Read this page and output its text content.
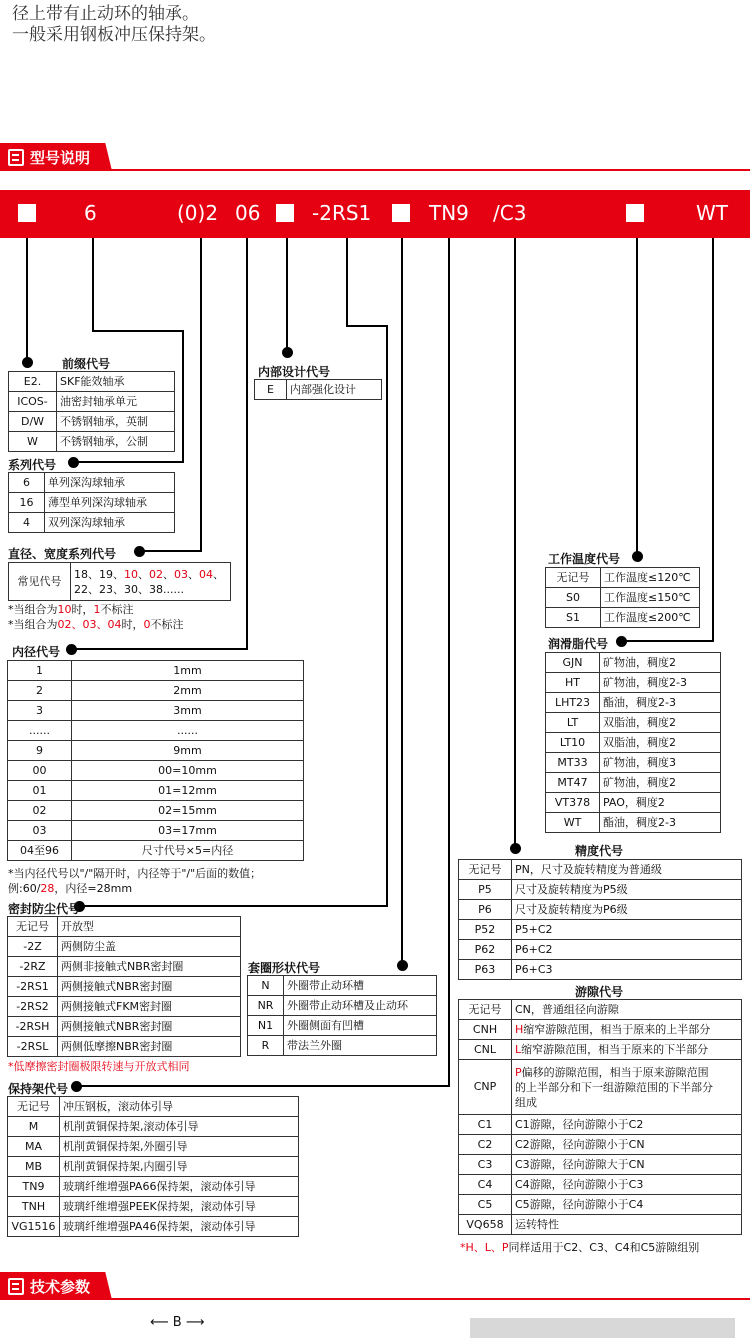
径上带有止动环的轴承。
一般采用钢板冲压保持架。
型号说明
6	(0)2 06	-2RS1	TN9 /C3	WT
前缀代号
E2.	SKF能效轴承
ICOS-	油密封轴承单元
D/W	不锈钢轴承，英制
W	不锈钢轴承，公制
系列代号
6	单列深沟球轴承
16	薄型单列深沟球轴承
4	双列深沟球轴承
直径、宽度系列代号
常见代号	18、19、10、02、03、04、
22、23、30、38......
*当组合为10时，1不标注
*当组合为02、03、04时，0不标注
内径代号
1	1mm
2	2mm
3	3mm
......	......
9	9mm
00	00=10mm
01	01=12mm
02	02=15mm
03	03=17mm
04至96	尺寸代号×5=内径
*当内径代号以"/"隔开时，内径等于"/"后面的数值；
例:60/28，内径=28mm
内部设计代号
E	内部强化设计
密封防尘代号
无记号	开放型
-2Z	两侧防尘盖
-2RZ	两侧非接触式NBR密封圈
-2RS1	两侧接触式NBR密封圈
-2RS2	两侧接触式FKM密封圈
-2RSH	两侧接触式NBR密封圈
-2RSL	两侧低摩擦NBR密封圈
*低摩擦密封圈极限转速与开放式相同
套圈形状代号
N	外圈带止动环槽
NR	外圈带止动环槽及止动环
N1	外圈侧面有凹槽
R	带法兰外圈
保持架代号
无记号	冲压钢板，滚动体引导
M	机削黄铜保持架,滚动体引导
MA	机削黄铜保持架,外圈引导
MB	机削黄铜保持架,内圈引导
TN9	玻璃纤维增强PA66保持架，滚动体引导
TNH	玻璃纤维增强PEEK保持架，滚动体引导
VG1516	玻璃纤维增强PA46保持架，滚动体引导
工作温度代号
无记号	工作温度≤120℃
S0	工作温度≤150℃
S1	工作温度≤200℃
润滑脂代号
GJN	矿物油，稠度2
HT	矿物油，稠度2-3
LHT23	酯油，稠度2-3
LT	双脂油，稠度2
LT10	双脂油，稠度2
MT33	矿物油，稠度3
MT47	矿物油，稠度2
VT378	PAO，稠度2
WT	酯油，稠度2-3
精度代号
无记号	PN，尺寸及旋转精度为普通级
P5	尺寸及旋转精度为P5级
P6	尺寸及旋转精度为P6级
P52	P5+C2
P62	P6+C2
P63	P6+C3
游隙代号
无记号	CN，普通组径向游隙
CNH	H缩窄游隙范围，相当于原来的上半部分
CNL	L缩窄游隙范围，相当于原来的下半部分
CNP	P偏移的游隙范围，相当于原来游隙范围
的上半部分和下一组游隙范围的下半部分
组成
C1	C1游隙，径向游隙小于C2
C2	C2游隙，径向游隙小于CN
C3	C3游隙，径向游隙大于CN
C4	C4游隙，径向游隙小于C3
C5	C5游隙，径向游隙小于C4
VQ658	运转特性
*H、L、P同样适用于C2、C3、C4和C5游隙组别
技术参数
⟵ B ⟶
